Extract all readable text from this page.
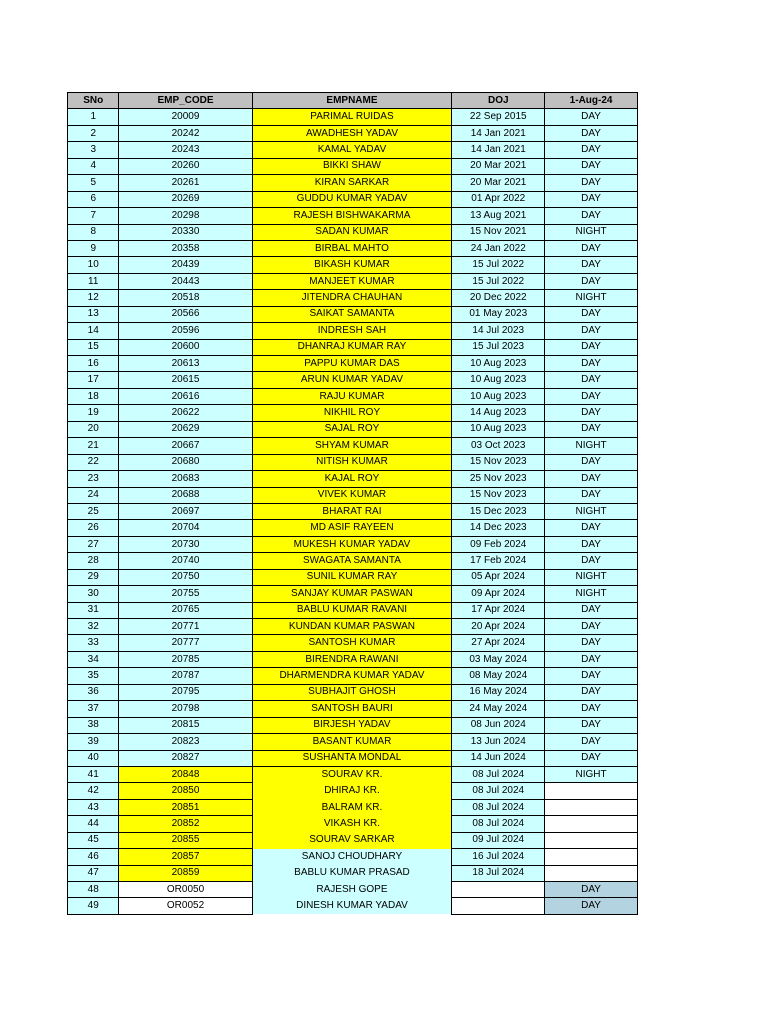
SNo	EMP_CODE	EMPNAME	DOJ	1-Aug-24
1	20009	PARIMAL RUIDAS	22 Sep 2015	DAY
2	20242	AWADHESH YADAV	14 Jan 2021	DAY
3	20243	KAMAL YADAV	14 Jan 2021	DAY
4	20260	BIKKI SHAW	20 Mar 2021	DAY
5	20261	KIRAN SARKAR	20 Mar 2021	DAY
6	20269	GUDDU KUMAR YADAV	01 Apr 2022	DAY
7	20298	RAJESH BISHWAKARMA	13 Aug 2021	DAY
8	20330	SADAN KUMAR	15 Nov 2021	NIGHT
9	20358	BIRBAL MAHTO	24 Jan 2022	DAY
10	20439	BIKASH KUMAR	15 Jul 2022	DAY
11	20443	MANJEET KUMAR	15 Jul 2022	DAY
12	20518	JITENDRA CHAUHAN	20 Dec 2022	NIGHT
13	20566	SAIKAT SAMANTA	01 May 2023	DAY
14	20596	INDRESH SAH	14 Jul 2023	DAY
15	20600	DHANRAJ KUMAR RAY	15 Jul 2023	DAY
16	20613	PAPPU KUMAR DAS	10 Aug 2023	DAY
17	20615	ARUN KUMAR YADAV	10 Aug 2023	DAY
18	20616	RAJU KUMAR	10 Aug 2023	DAY
19	20622	NIKHIL ROY	14 Aug 2023	DAY
20	20629	SAJAL ROY	10 Aug 2023	DAY
21	20667	SHYAM KUMAR	03 Oct 2023	NIGHT
22	20680	NITISH KUMAR	15 Nov 2023	DAY
23	20683	KAJAL ROY	25 Nov 2023	DAY
24	20688	VIVEK KUMAR	15 Nov 2023	DAY
25	20697	BHARAT RAI	15 Dec 2023	NIGHT
26	20704	MD ASIF RAYEEN	14 Dec 2023	DAY
27	20730	MUKESH KUMAR YADAV	09 Feb 2024	DAY
28	20740	SWAGATA SAMANTA	17 Feb 2024	DAY
29	20750	SUNIL KUMAR RAY	05 Apr 2024	NIGHT
30	20755	SANJAY KUMAR PASWAN	09 Apr 2024	NIGHT
31	20765	BABLU KUMAR RAVANI	17 Apr 2024	DAY
32	20771	KUNDAN KUMAR PASWAN	20 Apr 2024	DAY
33	20777	SANTOSH KUMAR	27 Apr 2024	DAY
34	20785	BIRENDRA RAWANI	03 May 2024	DAY
35	20787	DHARMENDRA KUMAR YADAV	08 May 2024	DAY
36	20795	SUBHAJIT GHOSH	16 May 2024	DAY
37	20798	SANTOSH BAURI	24 May 2024	DAY
38	20815	BIRJESH YADAV	08 Jun 2024	DAY
39	20823	BASANT KUMAR	13 Jun 2024	DAY
40	20827	SUSHANTA MONDAL	14 Jun 2024	DAY
41	20848	SOURAV KR.	08 Jul 2024	NIGHT
42	20850	DHIRAJ KR.	08 Jul 2024	
43	20851	BALRAM KR.	08 Jul 2024	
44	20852	VIKASH KR.	08 Jul 2024	
45	20855	SOURAV SARKAR	09 Jul 2024	
46	20857	SANOJ CHOUDHARY	16 Jul 2024	
47	20859	BABLU KUMAR PRASAD	18 Jul 2024	
48	OR0050	RAJESH GOPE		DAY
49	OR0052	DINESH KUMAR YADAV		DAY
